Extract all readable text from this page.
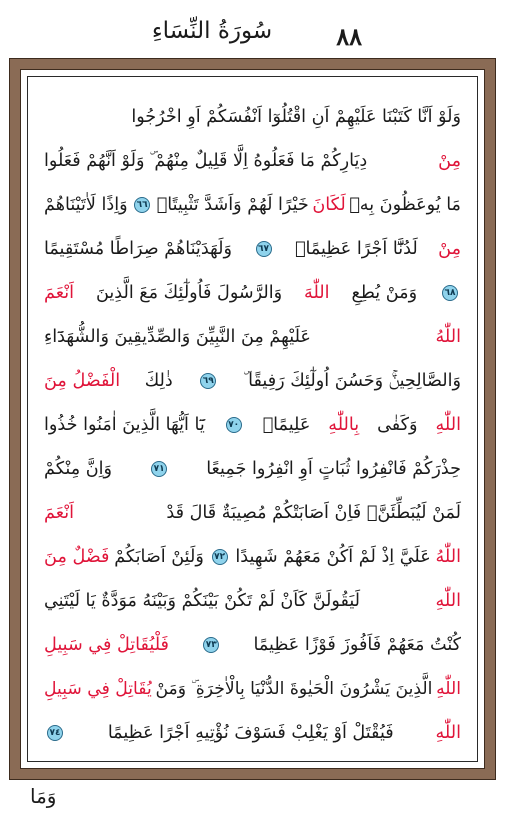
سُورَةُ النِّسَاءِ	٨٨
وَلَوْ اَنَّا كَتَبْنَا عَلَيْهِمْ اَنِ اقْتُلُوٓا اَنْفُسَكُمْ اَوِ اخْرُجُوا
مِنْ
دِيَارِكُمْ مَا فَعَلُوهُ اِلَّا قَلِيلٌ مِنْهُمْ ۜ وَلَوْ اَنَّهُمْ فَعَلُوا
مَا يُوعَظُونَ بِهٖ
لَكَانَ
خَيْرًا لَهُمْ وَاَشَدَّ تَثْبِيتًاۙ
٦٦
وَاِذًا لَاٰتَيْنَاهُمْ
مِنْ
لَدُنَّٓا اَجْرًا عَظِيمًاۙ
٦٧
وَلَهَدَيْنَاهُمْ صِرَاطًا مُسْتَقِيمًا
٦٨
وَمَنْ يُطِعِ
اللّٰهَ
وَالرَّسُولَ فَاُولٰٓئِكَ مَعَ الَّذِينَ
اَنْعَمَ
اللّٰهُ
عَلَيْهِمْ مِنَ النَّبِيِّنَ وَالصِّدِّيقِينَ وَالشُّهَدَٓاءِ
وَالصَّالِحِينَۚ وَحَسُنَ اُولٰٓئِكَ رَفِيقًا ۜ
٦٩
ذٰلِكَ
الْفَضْلُ مِنَ
اللّٰهِ
وَكَفٰى
بِاللّٰهِ
عَلِيمًاۚ
٧٠
يَٓا اَيُّهَا الَّذِينَ اٰمَنُوا خُذُوا
حِذْرَكُمْ فَانْفِرُوا ثُبَاتٍ اَوِ انْفِرُوا جَمِيعًا
٧١
وَاِنَّ مِنْكُمْ
لَمَنْ لَيُبَطِّئَنَّۚ فَاِنْ اَصَابَتْكُمْ مُصِيبَةٌ قَالَ قَدْ
اَنْعَمَ
اللّٰهُ
عَلَيَّ اِذْ لَمْ اَكُنْ مَعَهُمْ شَهِيدًا
٧٢
وَلَئِنْ اَصَابَكُمْ
فَضْلٌ مِنَ
اللّٰهِ
لَيَقُولَنَّ كَاَنْ لَمْ تَكُنْ بَيْنَكُمْ وَبَيْنَهُ مَوَدَّةٌ يَا لَيْتَنِي
كُنْتُ مَعَهُمْ فَاَفُوزَ فَوْزًا عَظِيمًا
٧٣
فَلْيُقَاتِلْ فِي سَبِيلِ
اللّٰهِ
الَّذِينَ يَشْرُونَ الْحَيٰوةَ الدُّنْيَا بِالْاٰخِرَةِ ۜ وَمَنْ
يُقَاتِلْ فِي سَبِيلِ
اللّٰهِ
فَيُقْتَلْ اَوْ يَغْلِبْ فَسَوْفَ نُؤْتِيهِ اَجْرًا عَظِيمًا
٧٤
وَمَا
